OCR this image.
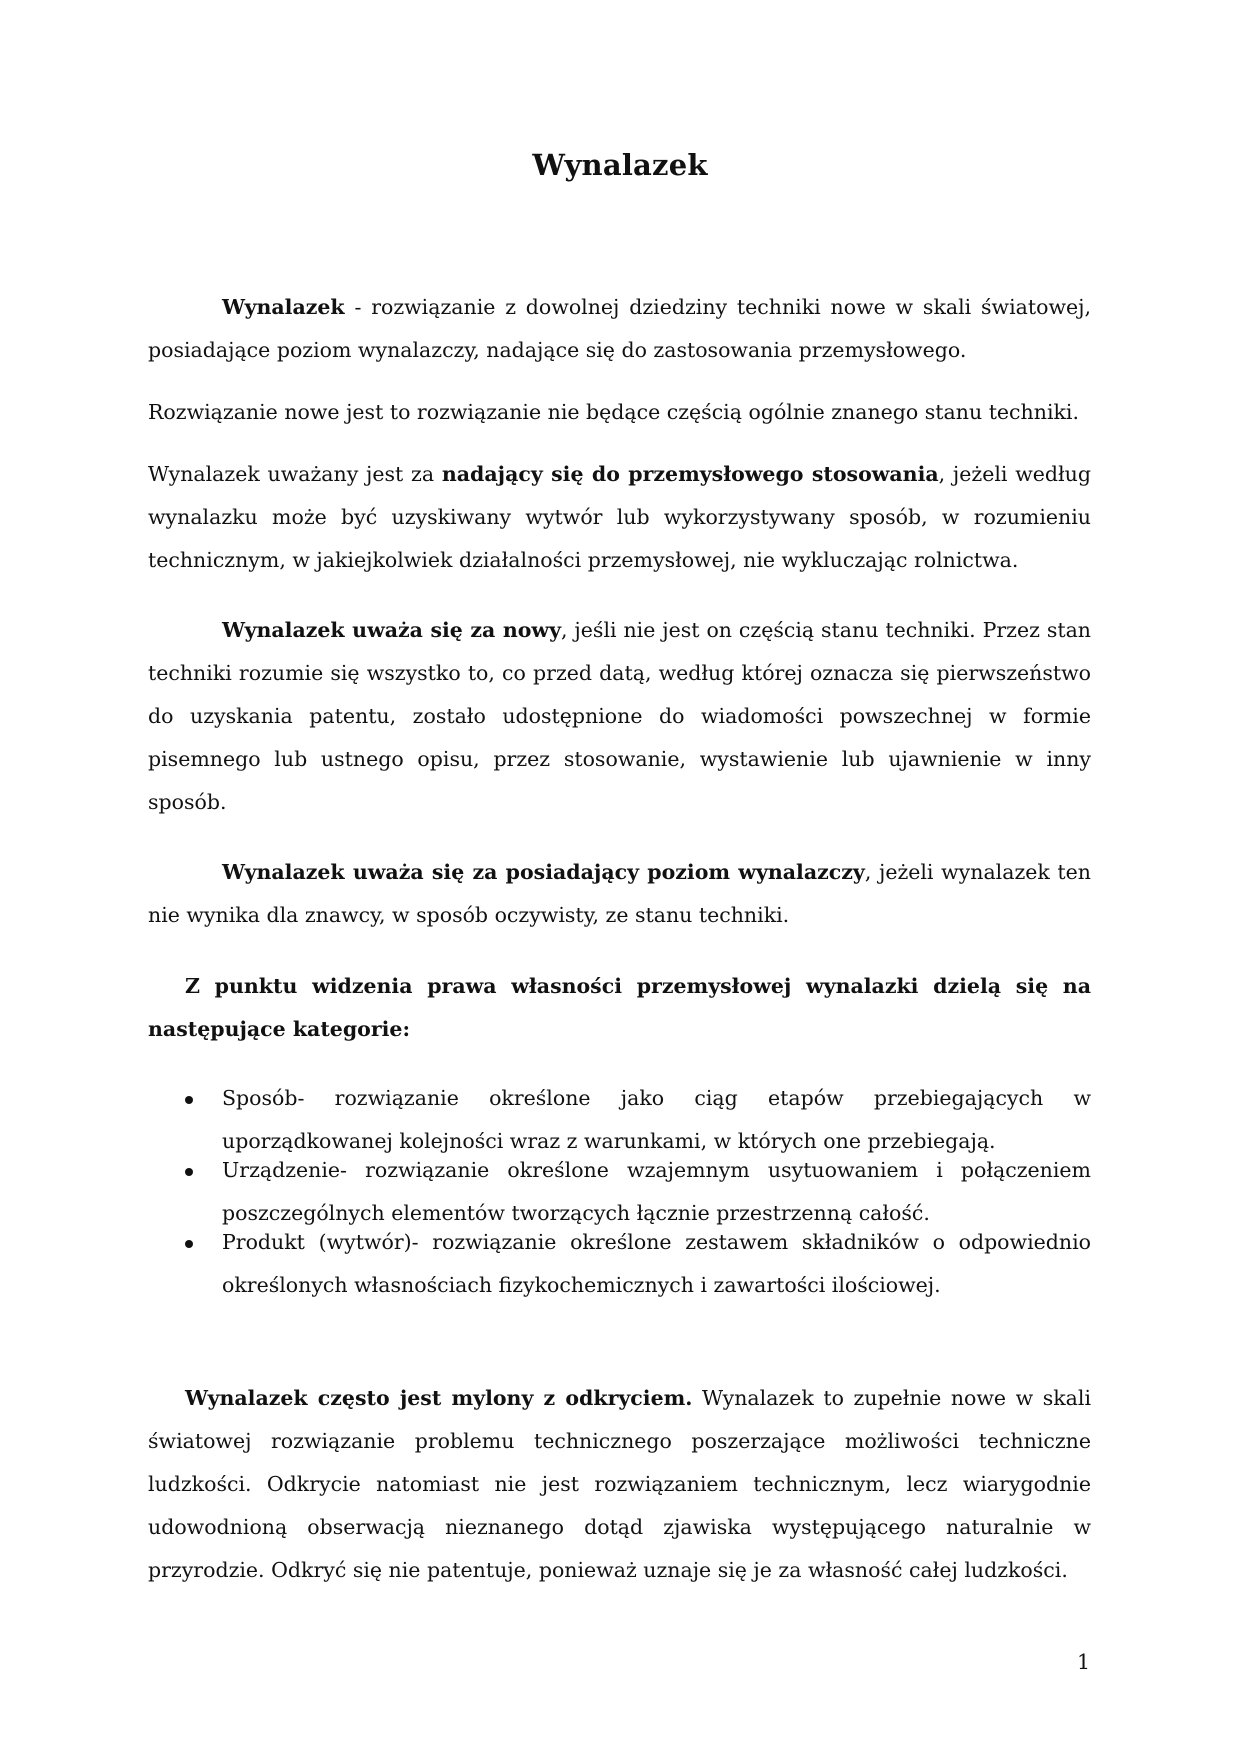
Wynalazek

Wynalazek - rozwiązanie z dowolnej dziedziny techniki nowe w skali światowej, posiadające poziom wynalazczy, nadające się do zastosowania przemysłowego.

Rozwiązanie nowe jest to rozwiązanie nie będące częścią ogólnie znanego stanu techniki.

Wynalazek uważany jest za nadający się do przemysłowego stosowania, jeżeli według wynalazku może być uzyskiwany wytwór lub wykorzystywany sposób, w rozumieniu technicznym, w jakiejkolwiek działalności przemysłowej, nie wykluczając rolnictwa.

Wynalazek uważa się za nowy, jeśli nie jest on częścią stanu techniki. Przez stan techniki rozumie się wszystko to, co przed datą, według której oznacza się pierwszeństwo do uzyskania patentu, zostało udostępnione do wiadomości powszechnej w formie pisemnego lub ustnego opisu, przez stosowanie, wystawienie lub ujawnienie w inny sposób.

Wynalazek uważa się za posiadający poziom wynalazczy, jeżeli wynalazek ten nie wynika dla znawcy, w sposób oczywisty, ze stanu techniki.

Z punktu widzenia prawa własności przemysłowej wynalazki dzielą się na następujące kategorie:

Sposób- rozwiązanie określone jako ciąg etapów przebiegających w uporządkowanej kolejności wraz z warunkami, w których one przebiegają.
Urządzenie- rozwiązanie określone wzajemnym usytuowaniem i połączeniem poszczególnych elementów tworzących łącznie przestrzenną całość.
Produkt (wytwór)- rozwiązanie określone zestawem składników o odpowiednio określonych własnościach fizykochemicznych i zawartości ilościowej.

Wynalazek często jest mylony z odkryciem. Wynalazek to zupełnie nowe w skali światowej rozwiązanie problemu technicznego poszerzające możliwości techniczne ludzkości. Odkrycie natomiast nie jest rozwiązaniem technicznym, lecz wiarygodnie udowodnioną obserwacją nieznanego dotąd zjawiska występującego naturalnie w przyrodzie. Odkryć się nie patentuje, ponieważ uznaje się je za własność całej ludzkości.

1
